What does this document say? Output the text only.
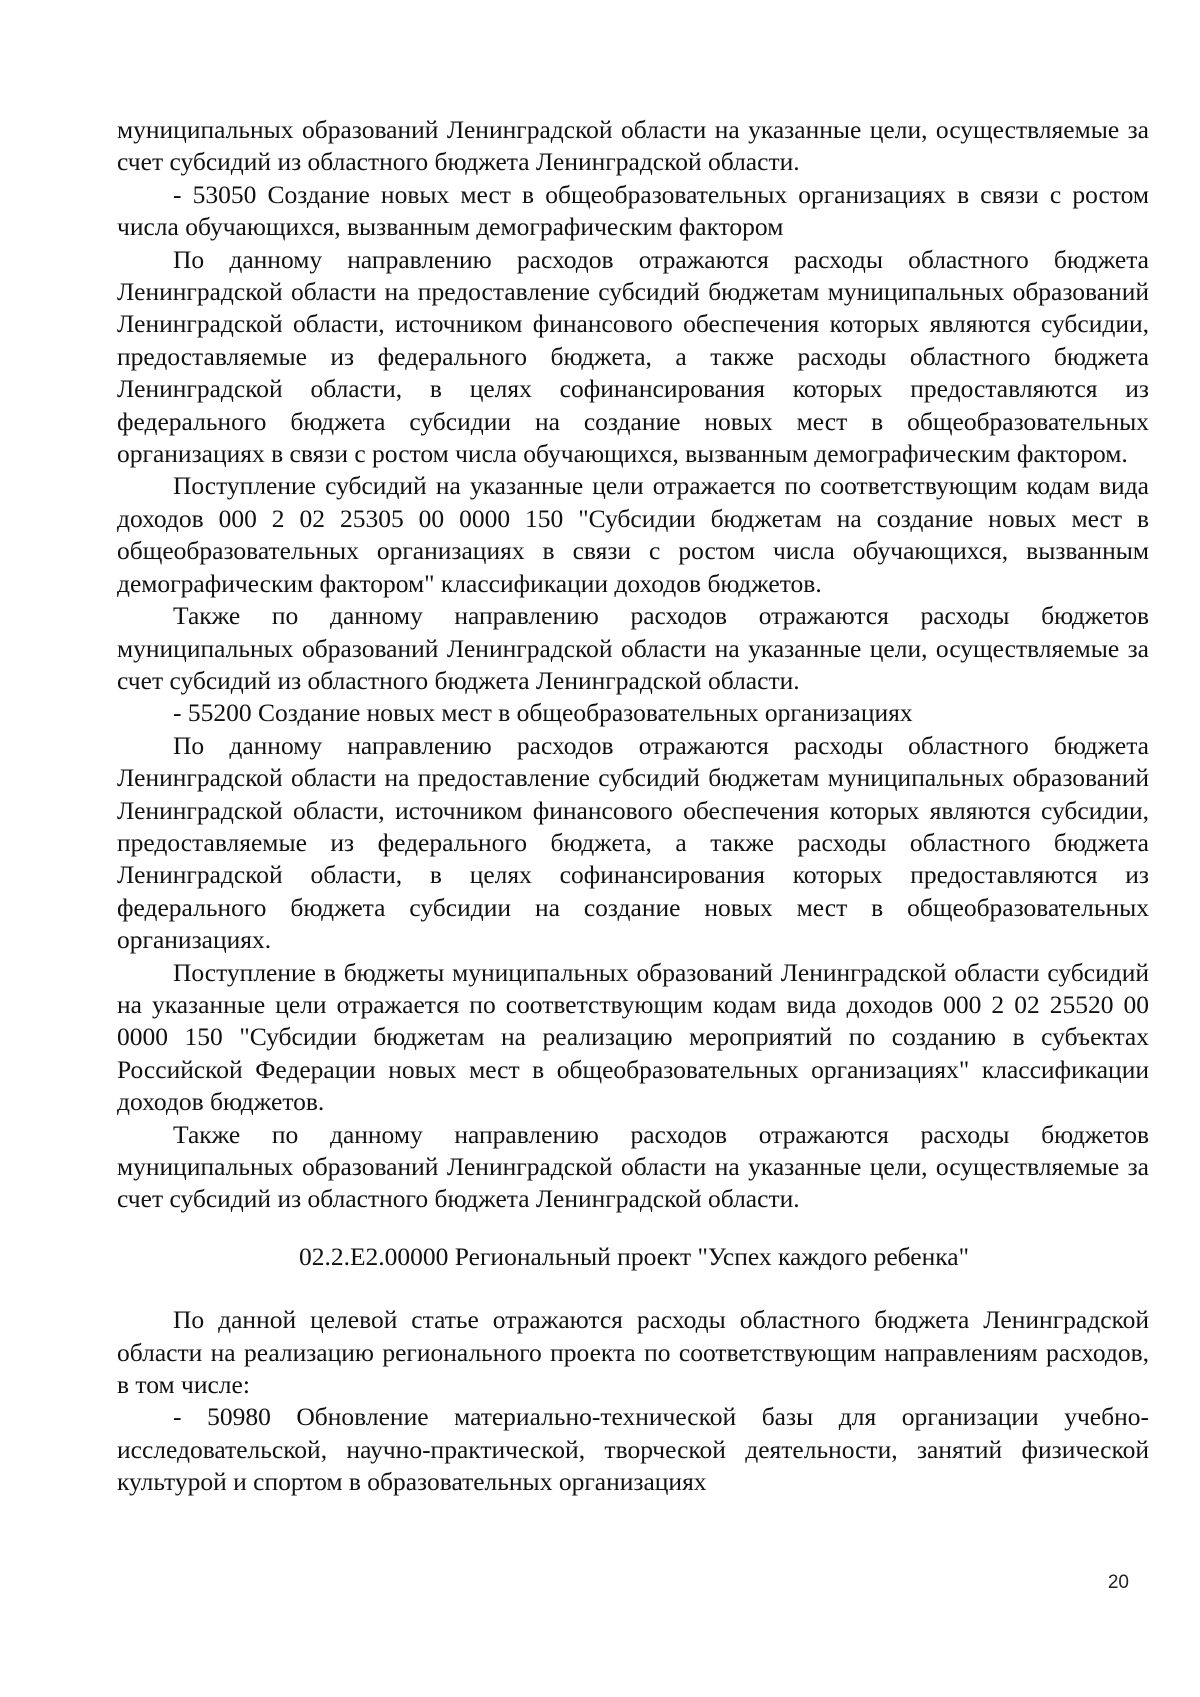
муниципальных образований Ленинградской области на указанные цели, осуществляемые за счет субсидий из областного бюджета Ленинградской области.

- 53050 Создание новых мест в общеобразовательных организациях в связи с ростом числа обучающихся, вызванным демографическим фактором

По данному направлению расходов отражаются расходы областного бюджета Ленинградской области на предоставление субсидий бюджетам муниципальных образований Ленинградской области, источником финансового обеспечения которых являются субсидии, предоставляемые из федерального бюджета, а также расходы областного бюджета Ленинградской области, в целях софинансирования которых предоставляются из федерального бюджета субсидии на создание новых мест в общеобразовательных организациях в связи с ростом числа обучающихся, вызванным демографическим фактором.

Поступление субсидий на указанные цели отражается по соответствующим кодам вида доходов 000 2 02 25305 00 0000 150 "Субсидии бюджетам на создание новых мест в общеобразовательных организациях в связи с ростом числа обучающихся, вызванным демографическим фактором" классификации доходов бюджетов.

Также по данному направлению расходов отражаются расходы бюджетов муниципальных образований Ленинградской области на указанные цели, осуществляемые за счет субсидий из областного бюджета Ленинградской области.

- 55200 Создание новых мест в общеобразовательных организациях

По данному направлению расходов отражаются расходы областного бюджета Ленинградской области на предоставление субсидий бюджетам муниципальных образований Ленинградской области, источником финансового обеспечения которых являются субсидии, предоставляемые из федерального бюджета, а также расходы областного бюджета Ленинградской области, в целях софинансирования которых предоставляются из федерального бюджета субсидии на создание новых мест в общеобразовательных организациях.

Поступление в бюджеты муниципальных образований Ленинградской области субсидий на указанные цели отражается по соответствующим кодам вида доходов 000 2 02 25520 00 0000 150 "Субсидии бюджетам на реализацию мероприятий по созданию в субъектах Российской Федерации новых мест в общеобразовательных организациях" классификации доходов бюджетов.

Также по данному направлению расходов отражаются расходы бюджетов муниципальных образований Ленинградской области на указанные цели, осуществляемые за счет субсидий из областного бюджета Ленинградской области.

02.2.Е2.00000 Региональный проект "Успех каждого ребенка"

По данной целевой статье отражаются расходы областного бюджета Ленинградской области на реализацию регионального проекта по соответствующим направлениям расходов, в том числе:

- 50980 Обновление материально-технической базы для организации учебно-исследовательской, научно-практической, творческой деятельности, занятий физической культурой и спортом в образовательных организациях

20
